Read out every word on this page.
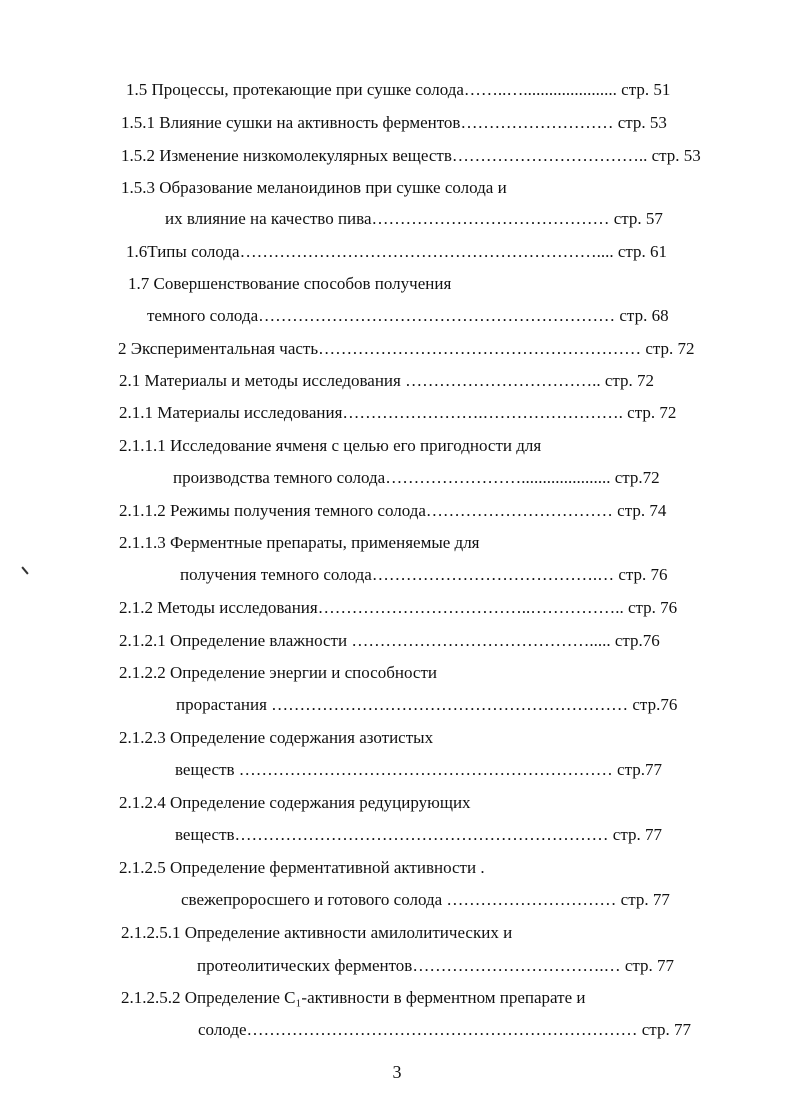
1.5 Процессы, протекающие при сушке солода……..…...................... стр. 51
1.5.1 Влияние сушки на активность ферментов……………………… стр. 53
1.5.2 Изменение низкомолекулярных веществ…………………………….. стр. 53
1.5.3 Образование меланоидинов при сушке солода и
их влияние на качество пива…………………………………… стр. 57
1.6Типы солода……………………………………………………….... стр. 61
1.7 Совершенствование способов получения
темного солода……………………………………………………… стр. 68
2 Экспериментальная часть………………………………………………… стр. 72
2.1 Материалы и методы исследования …………………………….. стр. 72
2.1.1 Материалы исследования…………………….……………………. стр. 72
2.1.1.1 Исследование ячменя с целью его пригодности для
производства темного солода……………………..................... стр.72
2.1.1.2 Режимы получения темного солода…………………………… стр. 74
2.1.1.3 Ферментные препараты, применяемые для
получения темного солода………………………………….… стр. 76
2.1.2 Методы исследования………………………………..…………….. стр. 76
2.1.2.1 Определение влажности ……………………………………..... стр.76
2.1.2.2 Определение энергии и способности
прорастания ……………………………………………………… стр.76
2.1.2.3 Определение содержания азотистых
веществ ………………………………………………………… стр.77
2.1.2.4 Определение содержания редуцирующих
веществ………………………………………………………… стр. 77
2.1.2.5 Определение ферментативной активности .
свежепроросшего и готового солода ………………………… стр. 77
2.1.2.5.1 Определение активности амилолитических и
протеолитических ферментов…………………………….… стр. 77
2.1.2.5.2 Определение С₁-активности в ферментном препарате и
солоде…………………………………………………………… стр. 77
3
